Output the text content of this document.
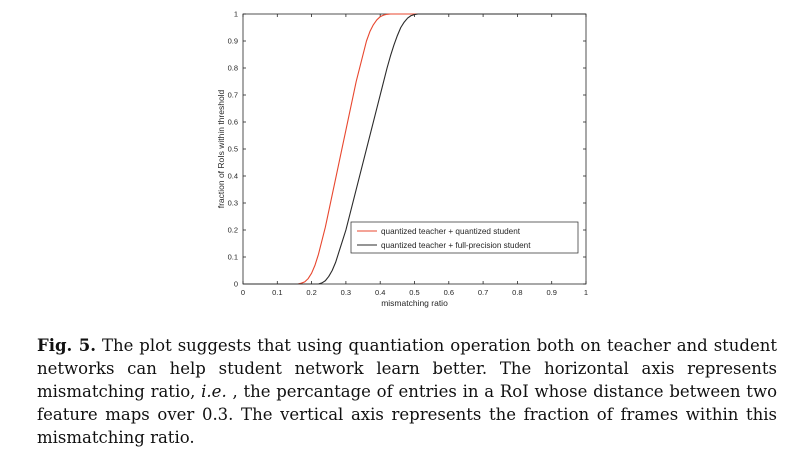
0	0.1	0.2	0.3	0.4	0.5	0.6	0.7	0.8	0.9	1
0
0.1
0.2
0.3
0.4
0.5
0.6
0.7
0.8
0.9
1
mismatching ratio
fraction of RoIs within threshold
quantized teacher + quantized student
quantized teacher + full-precision student
Fig. 5. The plot suggests that using quantiation operation both on teacher and student networks can help student network learn better. The horizontal axis represents mismatching ratio, i.e. , the percantage of entries in a RoI whose distance between two feature maps over 0.3. The vertical axis represents the fraction of frames within this mismatching ratio.
